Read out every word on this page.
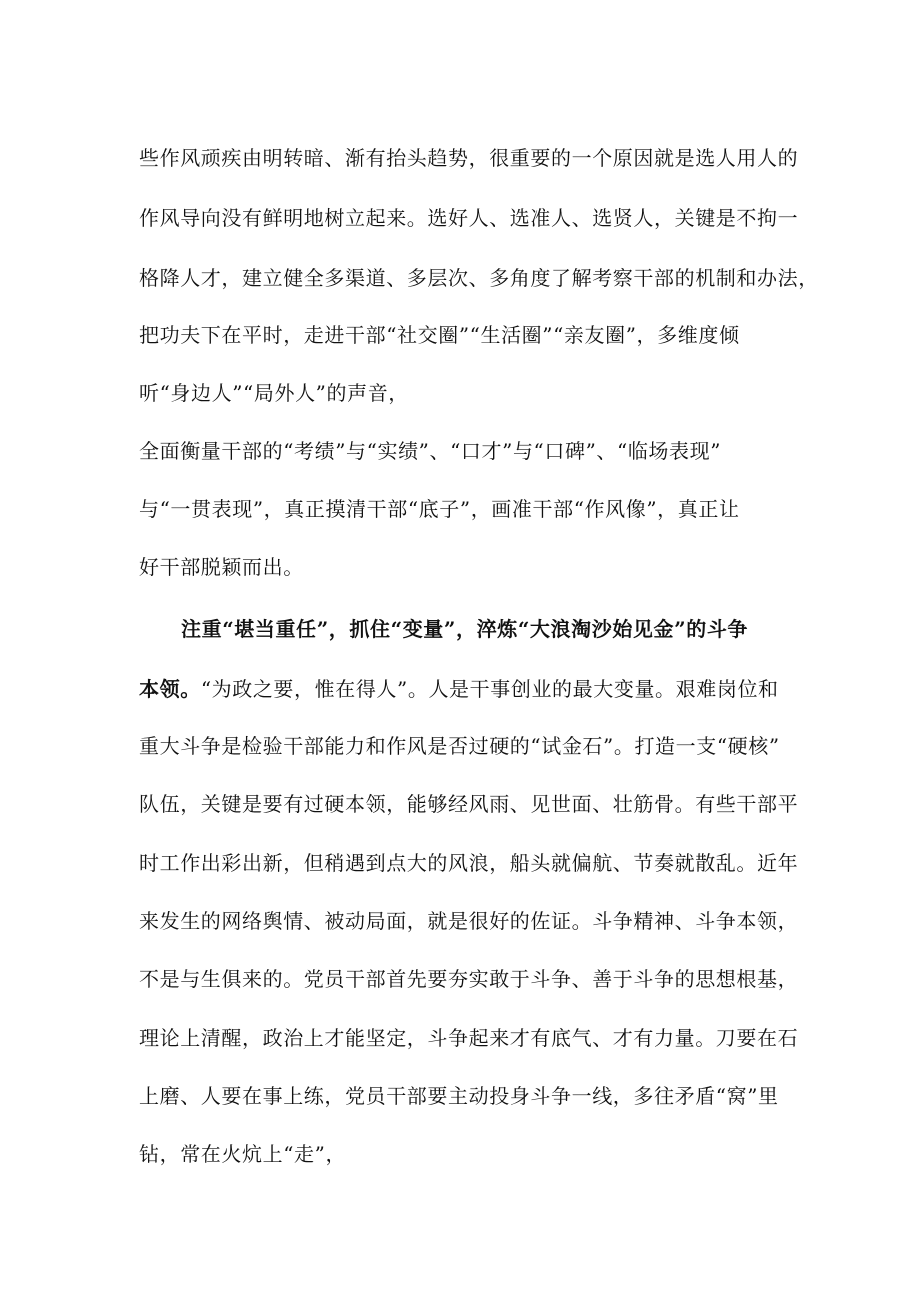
些作风顽疾由明转暗、渐有抬头趋势，很重要的一个原因就是选人用人的
作风导向没有鲜明地树立起来。选好人、选准人、选贤人，关键是不拘一
格降人才，建立健全多渠道、多层次、多角度了解考察干部的机制和办法，
把功夫下在平时，走进干部“社交圈”“生活圈”“亲友圈”，多维度倾
听“身边人”“局外人”的声音，
全面衡量干部的“考绩”与“实绩”、“口才”与“口碑”、“临场表现”
与“一贯表现”，真正摸清干部“底子”，画准干部“作风像”，真正让
好干部脱颖而出。
注重“堪当重任”，抓住“变量”，淬炼“大浪淘沙始见金”的斗争
本领。“为政之要，惟在得人”。人是干事创业的最大变量。艰难岗位和
重大斗争是检验干部能力和作风是否过硬的“试金石”。打造一支“硬核”
队伍，关键是要有过硬本领，能够经风雨、见世面、壮筋骨。有些干部平
时工作出彩出新，但稍遇到点大的风浪，船头就偏航、节奏就散乱。近年
来发生的网络舆情、被动局面，就是很好的佐证。斗争精神、斗争本领，
不是与生俱来的。党员干部首先要夯实敢于斗争、善于斗争的思想根基，
理论上清醒，政治上才能坚定，斗争起来才有底气、才有力量。刀要在石
上磨、人要在事上练，党员干部要主动投身斗争一线，多往矛盾“窝”里
钻，常在火炕上“走”，
